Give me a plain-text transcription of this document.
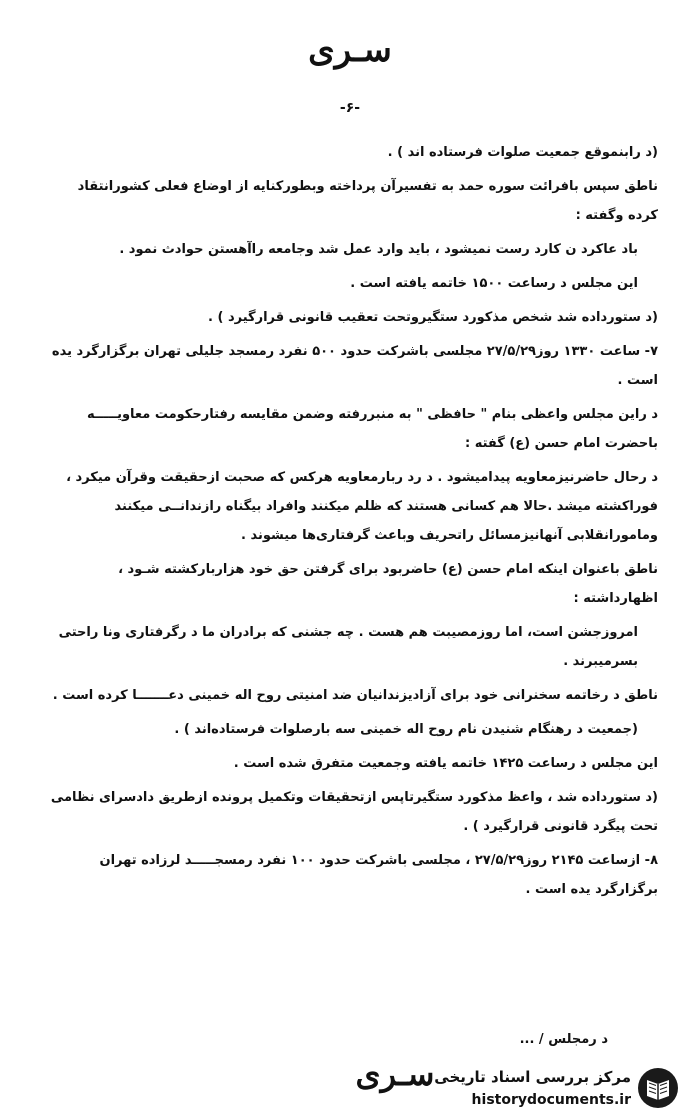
سـری
-۶-

(د رابنموقع جمعیت صلوات فرستاده اند ) .

ناطق سپس بافرائت سوره حمد به تفسیرآن پرداخته وبطورکنایه از اوضاع فعلی کشورانتقاد کرده وگفته :

باد عاکرد ن کارد رست نمیشود ، باید وارد عمل شد وجامعه راآهستن حوادث نمود .

این مجلس د رساعت ۱۵۰۰ خاتمه یافته است .

(د ستورداده شد شخص مذکورد ستگیروتحت تعقیب قانونی قرارگیرد ) .

۷- ساعت ۱۳۳۰ روز۲۷/۵/۲۹ مجلسی باشرکت حدود ۵۰۰ نفرد رمسجد جلیلی تهران برگزارگرد یده است .

د راین مجلس واعظی بنام " حافظی " به منبررفته وضمن مقایسه رفتارحکومت معاویـــــه باحضرت امام حسن (ع) گفته :

د رحال حاضرنیزمعاویه پیدامیشود . د رد ربارمعاویه هرکس که صحبت ازحقیقت وقرآن میکرد ، فوراکشته میشد .حالا هم کسانی هستند که ظلم میکنند وافراد بیگناه رازندانــی میکنند ومامورانقلابی آنهانیزمسائل راتحریف وباعث گرفتاری‌ها میشوند .

ناطق باعنوان اینکه امام حسن (ع) حاضربود برای گرفتن حق خود هزاربارکشته شـود ، اظهارداشته :

امروزجشن است، اما روزمصیبت هم هست . چه جشنی که برادران ما د رگرفتاری ونا راحتی بسرمیبرند .

ناطق د رخاتمه سخنرانی خود برای آزادیزندانیان ضد امنیتی روح اله خمینی دعـــــــا کرده است .

(جمعیت د رهنگام شنیدن نام روح اله خمینی سه بارصلوات فرستاده‌اند ) .

این مجلس د رساعت ۱۴۲۵ خاتمه یافته وجمعیت متفرق شده است .

(د ستورداده شد ، واعظ مذکورد ستگیرتاپس ازتحقیقات وتکمیل پرونده ازطریق دادسرای نظامی تحت پیگرد قانونی قرارگیرد ) .

۸- ازساعت ۲۱۴۵ روز۲۷/۵/۲۹ ، مجلسی باشرکت حدود ۱۰۰ نفرد رمسجـــــد لرزاده تهران برگزارگرد یده است .

د رمجلس / ...
سـری مرکز بررسی اسناد تاریخی
historydocuments.ir
